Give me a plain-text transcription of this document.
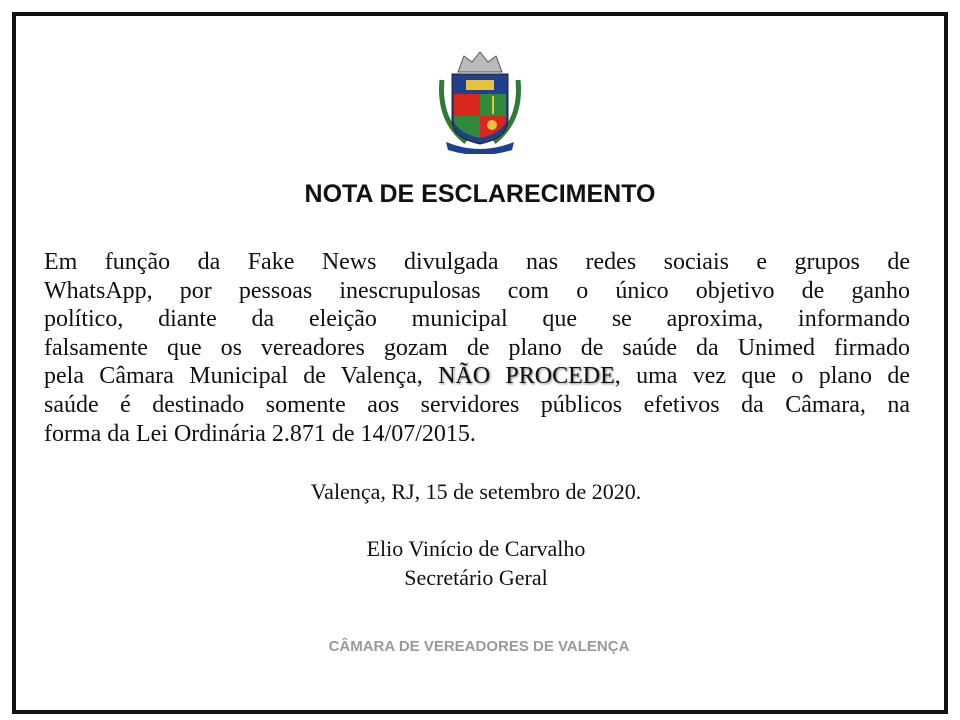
NOTA DE ESCLARECIMENTO
Em função da Fake News divulgada nas redes sociais e grupos de
WhatsApp, por pessoas inescrupulosas com o único objetivo de ganho
político, diante da eleição municipal que se aproxima, informando
falsamente que os vereadores gozam de plano de saúde da Unimed firmado
pela Câmara Municipal de Valença, NÃO PROCEDE, uma vez que o plano de
saúde é destinado somente aos servidores públicos efetivos da Câmara, na
forma da Lei Ordinária 2.871 de 14/07/2015.
Valença, RJ, 15 de setembro de 2020.
Elio Vinício de Carvalho
Secretário Geral
CÂMARA DE VEREADORES DE VALENÇA
